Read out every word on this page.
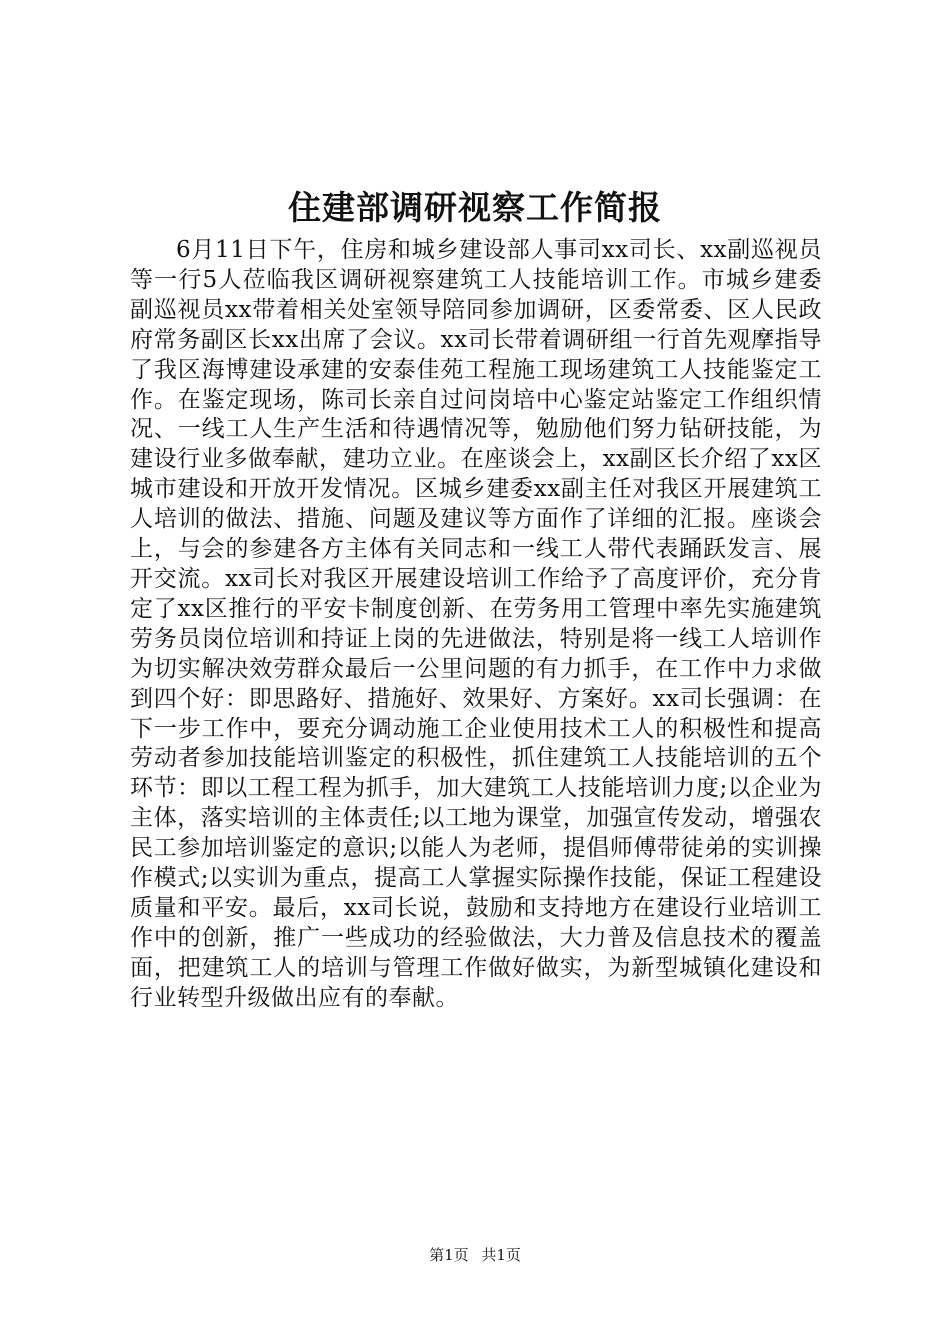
住建部调研视察工作简报

6月11日下午，住房和城乡建设部人事司xx司长、xx副巡视员等一行5人莅临我区调研视察建筑工人技能培训工作。市城乡建委副巡视员xx带着相关处室领导陪同参加调研，区委常委、区人民政府常务副区长xx出席了会议。xx司长带着调研组一行首先观摩指导了我区海博建设承建的安泰佳苑工程施工现场建筑工人技能鉴定工作。在鉴定现场，陈司长亲自过问岗培中心鉴定站鉴定工作组织情况、一线工人生产生活和待遇情况等，勉励他们努力钻研技能，为建设行业多做奉献，建功立业。在座谈会上，xx副区长介绍了xx区城市建设和开放开发情况。区城乡建委xx副主任对我区开展建筑工人培训的做法、措施、问题及建议等方面作了详细的汇报。座谈会上，与会的参建各方主体有关同志和一线工人带代表踊跃发言、展开交流。xx司长对我区开展建设培训工作给予了高度评价，充分肯定了xx区推行的平安卡制度创新、在劳务用工管理中率先实施建筑劳务员岗位培训和持证上岗的先进做法，特别是将一线工人培训作为切实解决效劳群众最后一公里问题的有力抓手，在工作中力求做到四个好：即思路好、措施好、效果好、方案好。xx司长强调：在下一步工作中，要充分调动施工企业使用技术工人的积极性和提高劳动者参加技能培训鉴定的积极性，抓住建筑工人技能培训的五个环节：即以工程工程为抓手，加大建筑工人技能培训力度;以企业为主体，落实培训的主体责任;以工地为课堂，加强宣传发动，增强农民工参加培训鉴定的意识;以能人为老师，提倡师傅带徒弟的实训操作模式;以实训为重点，提高工人掌握实际操作技能，保证工程建设质量和平安。最后，xx司长说，鼓励和支持地方在建设行业培训工作中的创新，推广一些成功的经验做法，大力普及信息技术的覆盖面，把建筑工人的培训与管理工作做好做实，为新型城镇化建设和行业转型升级做出应有的奉献。

第1页 共1页
